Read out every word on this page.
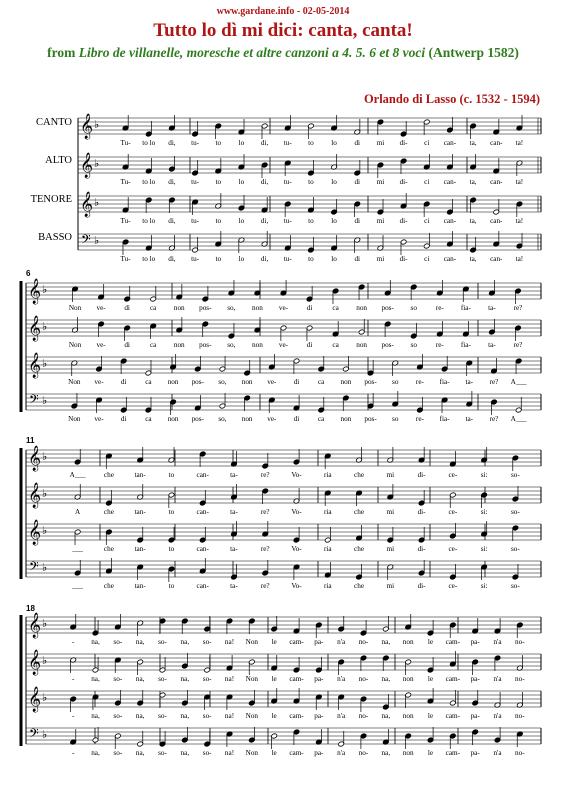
www.gardane.info - 02-05-2014
Tutto lo dì mi dici: canta, canta!
from Libro de villanelle, moresche et altre canzoni a 4. 5. 6 et 8 voci (Antwerp 1582)
Orlando di Lasso (c. 1532 - 1594)
CANTO
ALTO
TENORE
BASSO
6
11
18
𝄞 ♭
Tu- to lo di, tu- to lo di, tu- to lo di mi di- ci can- ta, can- ta!
𝄞 ♭
Tu- to lo di, tu- to lo di, tu- to lo di mi di- ci can- ta, can- ta!
𝄞 ♭
Tu- to lo di, tu- to lo di, tu- to lo di mi di- ci can- ta, can- ta!
𝄢 ♭
Tu- to lo di, tu- to lo di, tu- to lo di mi di- ci can- ta, can- ta!
𝄞 ♭
Non ve-	di	ca non pos- so, non ve-	di	ca non pos- so	re- fia- ta- re?
𝄞 ♭
Non ve-	di	ca non pos- so, non ve-	di	ca non pos- so	re- fia- ta- re?
𝄞 ♭
Non ve- di	ca non pos- so, non ve- di	ca non pos- so re- fia- ta- re? A___
𝄢 ♭
Non ve- di	ca non pos- so, non ve- di	ca non pos- so re- fia- ta- re? A___
𝄞 ♭
A___	che	tan-	to	can-	ta-	re?	Vo-	ria	che	mi	di-	ce-	si:	so-
𝄞 ♭
A	che	tan-	to	can-	ta-	re?	Vo-	ria	che	mi	di-	ce-	si:	so-
𝄞 ♭
___	che	tan-	to	can-	ta-	re?	Vo-	ria	che	mi	di-	ce-	si:	so-
𝄢 ♭
___	che	tan-	to	can-	ta-	re?	Vo-	ria	che	mi	di-	ce-	si:	so-
𝄞 ♭
- na, so- na, so- na, so- na! Non le cam- pa- n'a no- na, non le cam- pa- n'a no-
𝄞 ♭
- na, so- na, so- na, so- na! Non le cam- pa- n'a no- na, non le cam- pa- n'a no-
𝄞 ♭
- na, so- na, so- na, so- na! Non le cam- pa- n'a no- na, non le cam- pa- n'a no-
𝄢 ♭
- na, so- na, so- na, so- na! Non le cam- pa- n'a no- na, non le cam- pa- n'a no-
